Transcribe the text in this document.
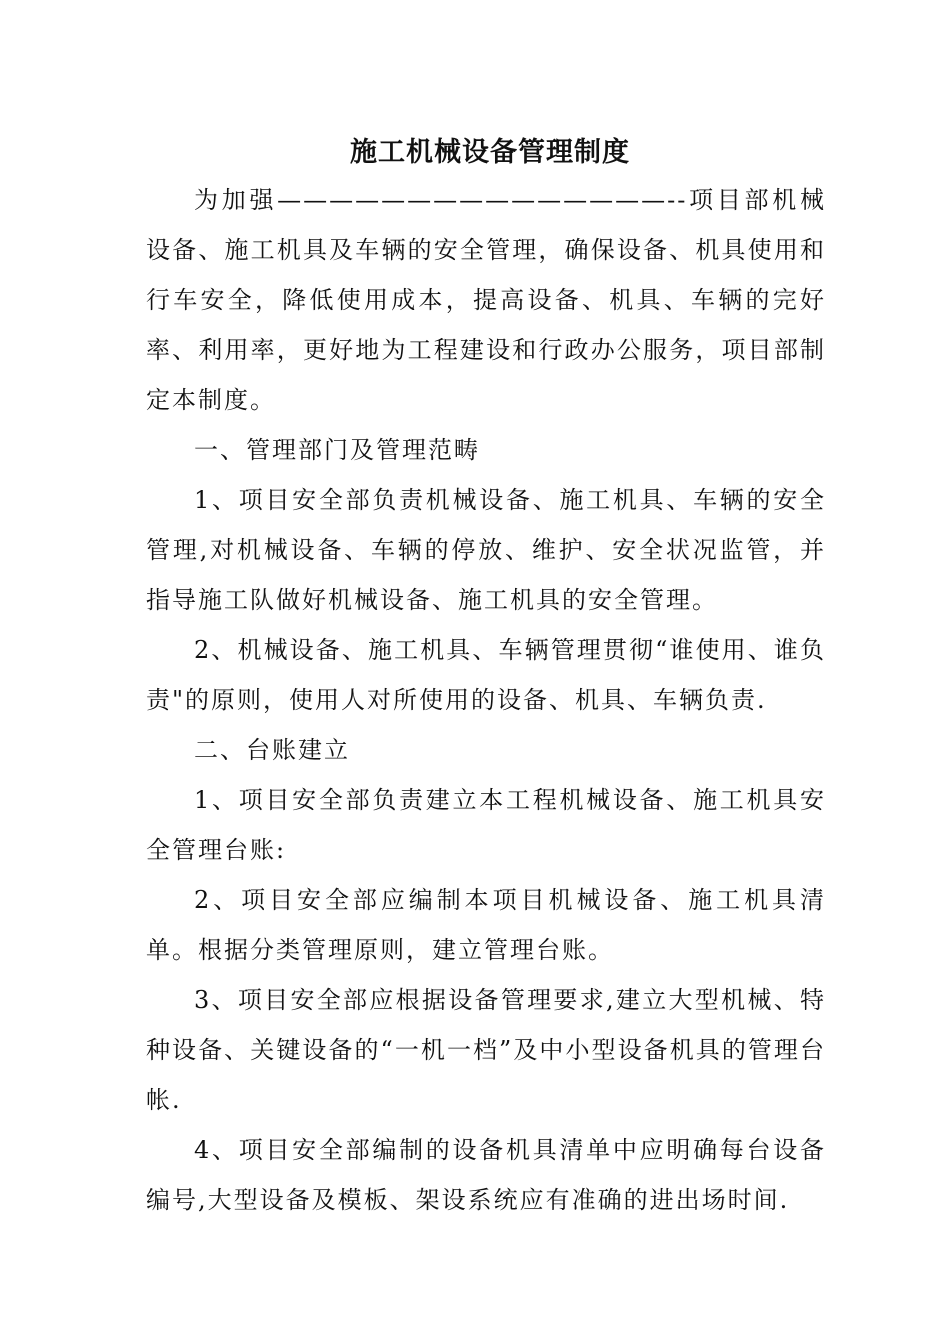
施工机械设备管理制度

为加强———————————————--项目部机械设备、施工机具及车辆的安全管理，确保设备、机具使用和行车安全，降低使用成本，提高设备、机具、车辆的完好率、利用率，更好地为工程建设和行政办公服务，项目部制定本制度。

一、管理部门及管理范畴

1、项目安全部负责机械设备、施工机具、车辆的安全管理,对机械设备、车辆的停放、维护、安全状况监管，并指导施工队做好机械设备、施工机具的安全管理。

2、机械设备、施工机具、车辆管理贯彻“谁使用、谁负责"的原则，使用人对所使用的设备、机具、车辆负责.

二、台账建立

1、项目安全部负责建立本工程机械设备、施工机具安全管理台账:

2、项目安全部应编制本项目机械设备、施工机具清单。根据分类管理原则，建立管理台账。

3、项目安全部应根据设备管理要求,建立大型机械、特种设备、关键设备的“一机一档”及中小型设备机具的管理台帐.

4、项目安全部编制的设备机具清单中应明确每台设备编号,大型设备及模板、架设系统应有准确的进出场时间.
